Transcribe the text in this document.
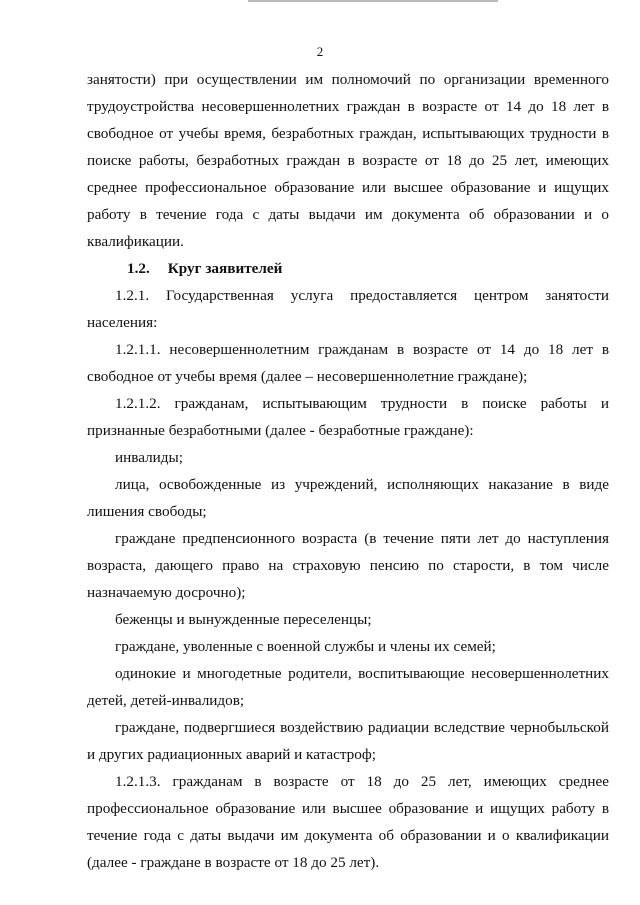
2

занятости) при осуществлении им полномочий по организации временного трудоустройства несовершеннолетних граждан в возрасте от 14 до 18 лет в свободное от учебы время, безработных граждан, испытывающих трудности в поиске работы, безработных граждан в возрасте от 18 до 25 лет, имеющих среднее профессиональное образование или высшее образование и ищущих работу в течение года с даты выдачи им документа об образовании и о квалификации.

1.2. Круг заявителей

1.2.1. Государственная услуга предоставляется центром занятости населения:

1.2.1.1. несовершеннолетним гражданам в возрасте от 14 до 18 лет в свободное от учебы время (далее – несовершеннолетние граждане);

1.2.1.2. гражданам, испытывающим трудности в поиске работы и признанные безработными (далее - безработные граждане):

инвалиды;

лица, освобожденные из учреждений, исполняющих наказание в виде лишения свободы;

граждане предпенсионного возраста (в течение пяти лет до наступления возраста, дающего право на страховую пенсию по старости, в том числе назначаемую досрочно);

беженцы и вынужденные переселенцы;

граждане, уволенные с военной службы и члены их семей;

одинокие и многодетные родители, воспитывающие несовершеннолетних детей, детей-инвалидов;

граждане, подвергшиеся воздействию радиации вследствие чернобыльской и других радиационных аварий и катастроф;

1.2.1.3. гражданам в возрасте от 18 до 25 лет, имеющих среднее профессиональное образование или высшее образование и ищущих работу в течение года с даты выдачи им документа об образовании и о квалификации (далее - граждане в возрасте от 18 до 25 лет).
